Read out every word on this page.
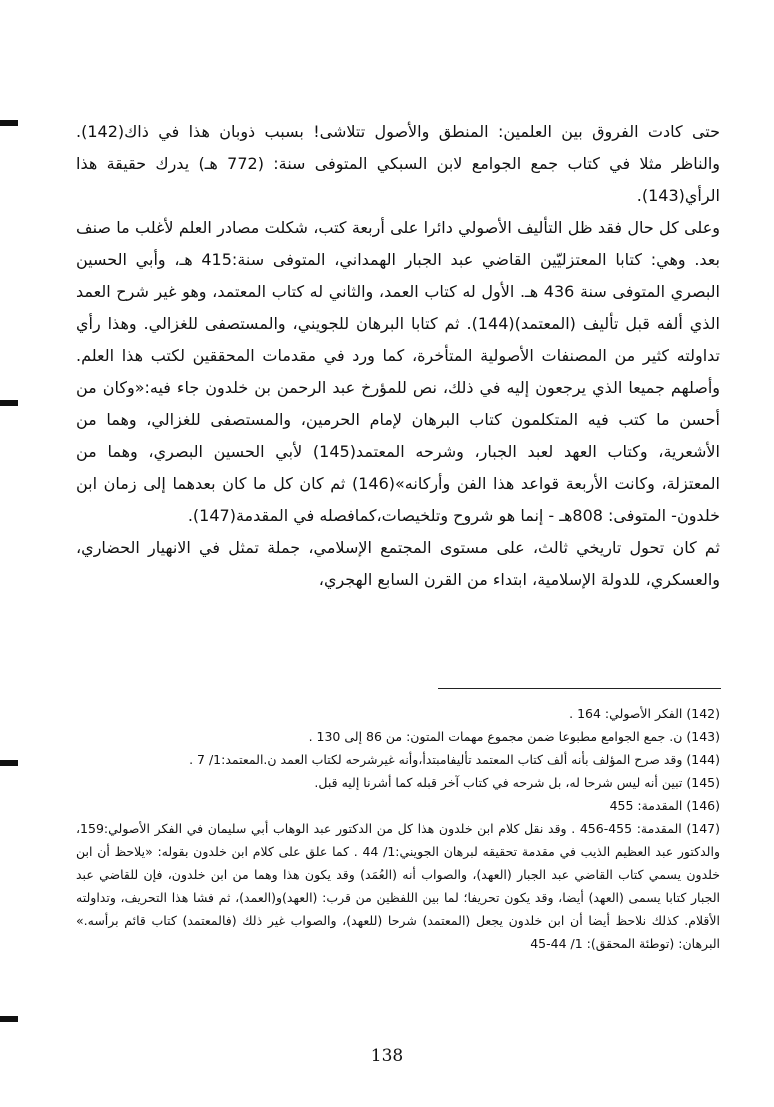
حتى كادت الفروق بين العلمين: المنطق والأصول تتلاشى! بسبب ذوبان هذا في ذاك(142). والناظر مثلا في كتاب جمع الجوامع لابن السبكي المتوفى سنة: (772 هـ) يدرك حقيقة هذا الرأي(143).

وعلى كل حال فقد ظل التأليف الأصولي دائرا على أربعة كتب، شكلت مصادر العلم لأغلب ما صنف بعد. وهي: كتابا المعتزليّين القاضي عبد الجبار الهمداني، المتوفى سنة:415 هـ، وأبي الحسين البصري المتوفى سنة 436 هـ. الأول له كتاب العمد، والثاني له كتاب المعتمد، وهو غير شرح العمد الذي ألفه قبل تأليف (المعتمد)(144). ثم كتابا البرهان للجويني، والمستصفى للغزالي. وهذا رأي تداولته كثير من المصنفات الأصولية المتأخرة، كما ورد في مقدمات المحققين لكتب هذا العلم. وأصلهم جميعا الذي يرجعون إليه في ذلك، نص للمؤرخ عبد الرحمن بن خلدون جاء فيه:«وكان من أحسن ما كتب فيه المتكلمون كتاب البرهان لإمام الحرمين، والمستصفى للغزالي، وهما من الأشعرية، وكتاب العهد لعبد الجبار، وشرحه المعتمد(145) لأبي الحسين البصري، وهما من المعتزلة، وكانت الأربعة قواعد هذا الفن وأركانه»(146) ثم كان كل ما كان بعدهما إلى زمان ابن خلدون- المتوفى: 808هـ - إنما هو شروح وتلخيصات،كمافصله في المقدمة(147).

ثم كان تحول تاريخي ثالث، على مستوى المجتمع الإسلامي، جملة تمثل في الانهيار الحضاري، والعسكري، للدولة الإسلامية، ابتداء من القرن السابع الهجري،

(142) الفكر الأصولي: 164 .

(143) ن. جمع الجوامع مطبوعا ضمن مجموع مهمات المتون: من 86 إلى 130 .

(144) وقد صرح المؤلف بأنه ألف كتاب المعتمد تأليفامبتدأ،وأنه غيرشرحه لكتاب العمد ن.المعتمد:1/ 7 .

(145) تبين أنه ليس شرحا له، بل شرحه في كتاب آخر قبله كما أشرنا إليه قبل.

(146) المقدمة: 455

(147) المقدمة: 455-456 . وقد نقل كلام ابن خلدون هذا كل من الدكتور عبد الوهاب أبي سليمان في الفكر الأصولي:159، والدكتور عبد العظيم الذيب في مقدمة تحقيقه لبرهان الجويني:1/ 44 . كما علق على كلام ابن خلدون بقوله: «يلاحظ أن ابن خلدون يسمي كتاب القاضي عبد الجبار (العهد)، والصواب أنه (العُمَد) وقد يكون هذا وهما من ابن خلدون، فإن للقاضي عبد الجبار كتابا يسمى (العهد) أيضا، وقد يكون تحريفا؛ لما بين اللفظين من قرب: (العهد)و(العمد)، ثم فشا هذا التحريف، وتداولته الأقلام. كذلك نلاحظ أيضا أن ابن خلدون يجعل (المعتمد) شرحا (للعهد)، والصواب غير ذلك (فالمعتمد) كتاب قائم برأسه.» البرهان: (توطئة المحقق): 1/ 44-45

138
